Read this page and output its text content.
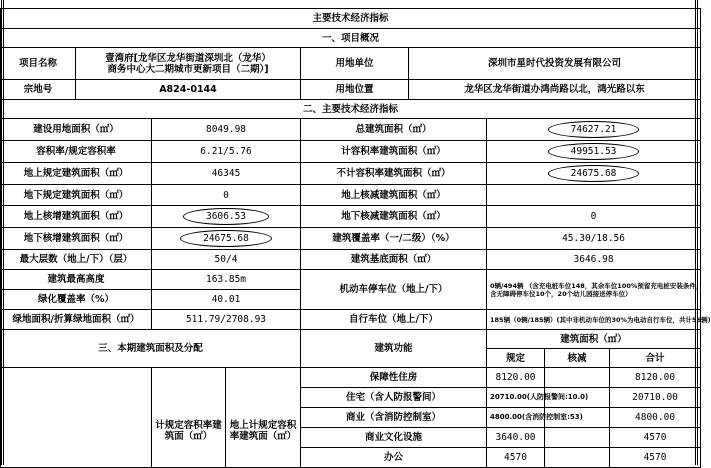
主要技术经济指标								
一、项目概况								
项目名称	壹湾府[龙华区龙华街道深圳北（龙华）
商务中心大二期城市更新项目（二期）]			用地单位	深圳市星时代投资发展有限公司			
宗地号	A824-0144			用地位置	龙华区龙华街道办鸿尚路以北，鸿光路以东			
二、主要技术经济指标								
建设用地面积（㎡）		8049.98		总建筑面积（㎡）		74627.21		
容积率/规定容积率		6.21/5.76		计容积率建筑面积（㎡）		49951.53		
地上规定建筑面积（㎡）		46345		不计容积率建筑面积（㎡）		24675.68		
地下规定建筑面积（㎡）		0		地上核减建筑面积（㎡）				
地上核增建筑面积（㎡）		3606.53		地下核减建筑面积（㎡）		0		
地下核增建筑面积（㎡）		24675.68		建筑覆盖率（一/二级）（%）		45.30/18.56		
最大层数（地上/下）（层）		50/4		建筑基底面积（㎡）		3646.98		
建筑最高高度		163.85m		机动车停车位（地上/下）		0辆/494辆 （含充电桩车位148，其余车位100%预留充电桩安装条件，
含无障碍停车位10个，20个幼儿园接送停车位）		

绿化覆盖率（%）		40.01						
绿地面积/折算绿地面积（㎡）		511.79/2708.93		自行车位（地上/下）		185辆（0辆/185辆）(其中非机动车位的30%为电动自行车位，共计56辆)		
三、本期建筑面积及分配				建筑功能		建筑面积（㎡）		
						规定	核减	合计
		计规定容积率建筑面（㎡）	地上计规定容积率建筑面（㎡）	保障性住房		8120.00		8120.00
				住宅（含人防报警间）		20710.00(人防报警间:10.0)		20710.00
				商业（含消防控制室）		4800.00(含消防控制室:53)		4800.00
				商业文化设施		3640.00		4570
				办公		4570		4570
